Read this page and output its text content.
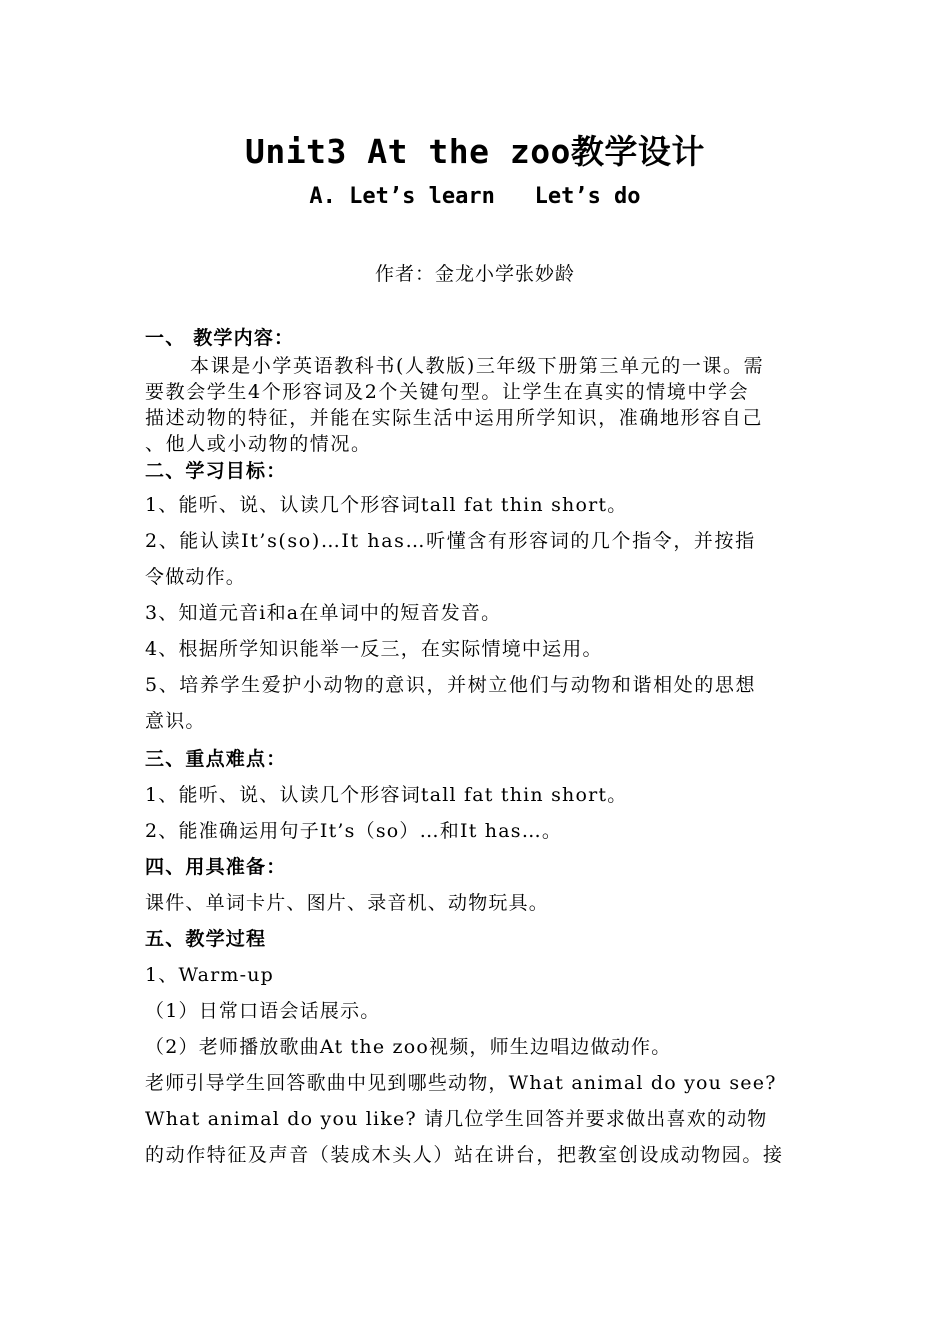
Unit3 At the zoo教学设计
A. Let’s learn   Let’s do
作者：金龙小学张妙龄
一、 教学内容：
本课是小学英语教科书(人教版)三年级下册第三单元的一课。需
要教会学生4个形容词及2个关键句型。让学生在真实的情境中学会
描述动物的特征，并能在实际生活中运用所学知识，准确地形容自己
、他人或小动物的情况。
二、学习目标：
1、能听、说、认读几个形容词tall fat thin short。
2、能认读It’s(so)…It has…听懂含有形容词的几个指令，并按指
令做动作。
3、知道元音i和a在单词中的短音发音。
4、根据所学知识能举一反三，在实际情境中运用。
5、培养学生爱护小动物的意识，并树立他们与动物和谐相处的思想
意识。
三、重点难点：
1、能听、说、认读几个形容词tall fat thin short。
2、能准确运用句子It’s（so）…和It has…。
四、用具准备：
课件、单词卡片、图片、录音机、动物玩具。
五、教学过程
1、Warm-up
（1）日常口语会话展示。
（2）老师播放歌曲At the zoo视频，师生边唱边做动作。
老师引导学生回答歌曲中见到哪些动物，What animal do you see?
What animal do you like? 请几位学生回答并要求做出喜欢的动物
的动作特征及声音（装成木头人）站在讲台，把教室创设成动物园。接
